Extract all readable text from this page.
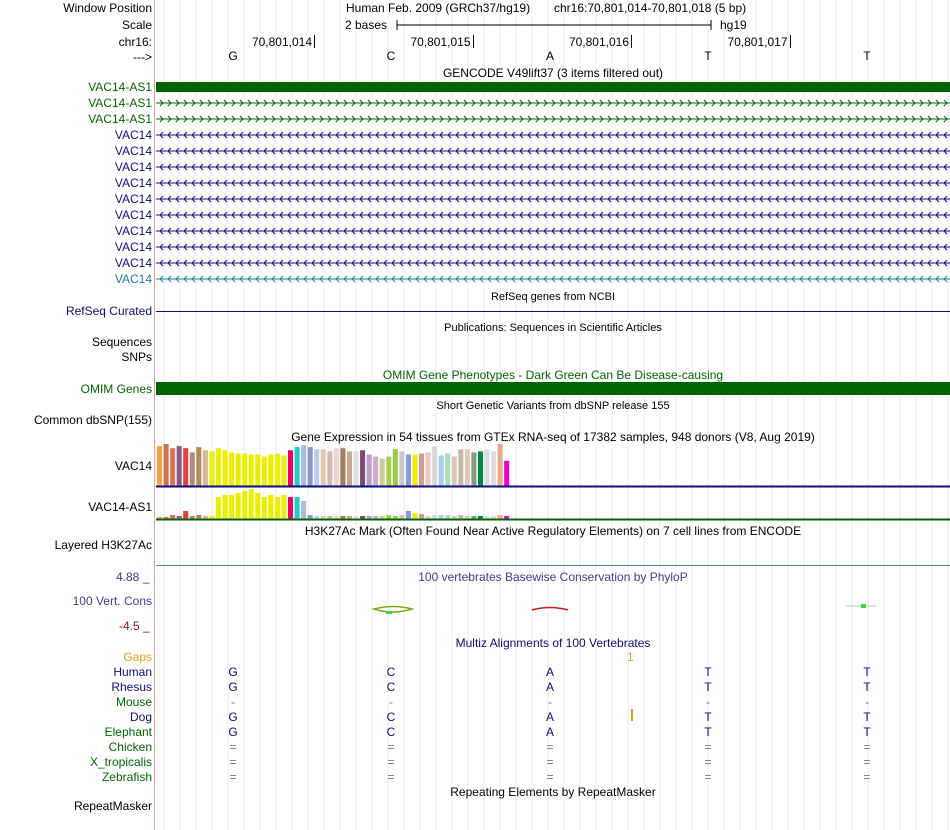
Window Position
Scale
chr16:
--->
Human Feb. 2009 (GRCh37/hg19) chr16:70,801,014-70,801,018 (5 bp)
2 bases	hg19
GENCODE V49lift37 (3 items filtered out)
RefSeq genes from NCBI
RefSeq Curated
Publications: Sequences in Scientific Articles
Sequences
SNPs
OMIM Gene Phenotypes - Dark Green Can Be Disease-causing
OMIM Genes
Short Genetic Variants from dbSNP release 155
Common dbSNP(155)
Gene Expression in 54 tissues from GTEx RNA-seq of 17382 samples, 948 donors (V8, Aug 2019)
VAC14
VAC14-AS1
H3K27Ac Mark (Often Found Near Active Regulatory Elements) on 7 cell lines from ENCODE
Layered H3K27Ac
100 vertebrates Basewise Conservation by PhyloP
4.88 _
100 Vert. Cons
-4.5 _
Multiz Alignments of 100 Vertebrates
Gaps	1
Repeating Elements by RepeatMasker
RepeatMasker
70,801,014	70,801,015	70,801,016	70,801,017
G	C	A	T	T
VAC14-AS1
VAC14-AS1
VAC14-AS1
VAC14
VAC14
VAC14
VAC14
VAC14
VAC14
VAC14
VAC14
VAC14
VAC14
Human	G	C	A	T	T
Rhesus	G	C	A	T	T
Mouse	-	-	-	-	-
Dog	G	C	A	T	T
Elephant	G	C	A	T	T
Chicken	=	=	=	=	=
X_tropicalis	=	=	=	=	=
Zebrafish	=	=	=	=	=
